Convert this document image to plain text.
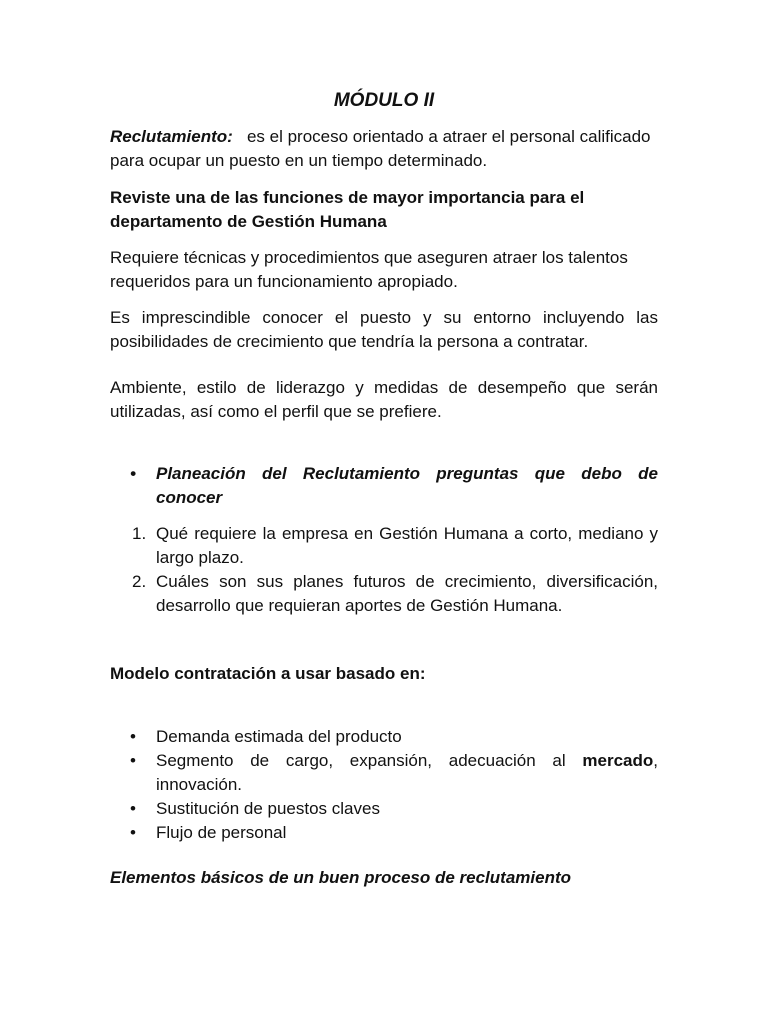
MÓDULO II
Reclutamiento: es el proceso orientado a atraer el personal calificado para ocupar un puesto en un tiempo determinado.
Reviste una de las funciones de mayor importancia para el departamento de Gestión Humana
Requiere técnicas y procedimientos que aseguren atraer los talentos requeridos para un funcionamiento apropiado.
Es imprescindible conocer el puesto y su entorno incluyendo las posibilidades de crecimiento que tendría la persona a contratar.
Ambiente, estilo de liderazgo y medidas de desempeño que serán utilizadas, así como el perfil que se prefiere.
• Planeación del Reclutamiento preguntas que debo de conocer
1. Qué requiere la empresa en Gestión Humana a corto, mediano y largo plazo.
2. Cuáles son sus planes futuros de crecimiento, diversificación, desarrollo que requieran aportes de Gestión Humana.
Modelo contratación a usar basado en:
• Demanda estimada del producto
• Segmento de cargo, expansión, adecuación al mercado, innovación.
• Sustitución de puestos claves
• Flujo de personal
Elementos básicos de un buen proceso de reclutamiento
